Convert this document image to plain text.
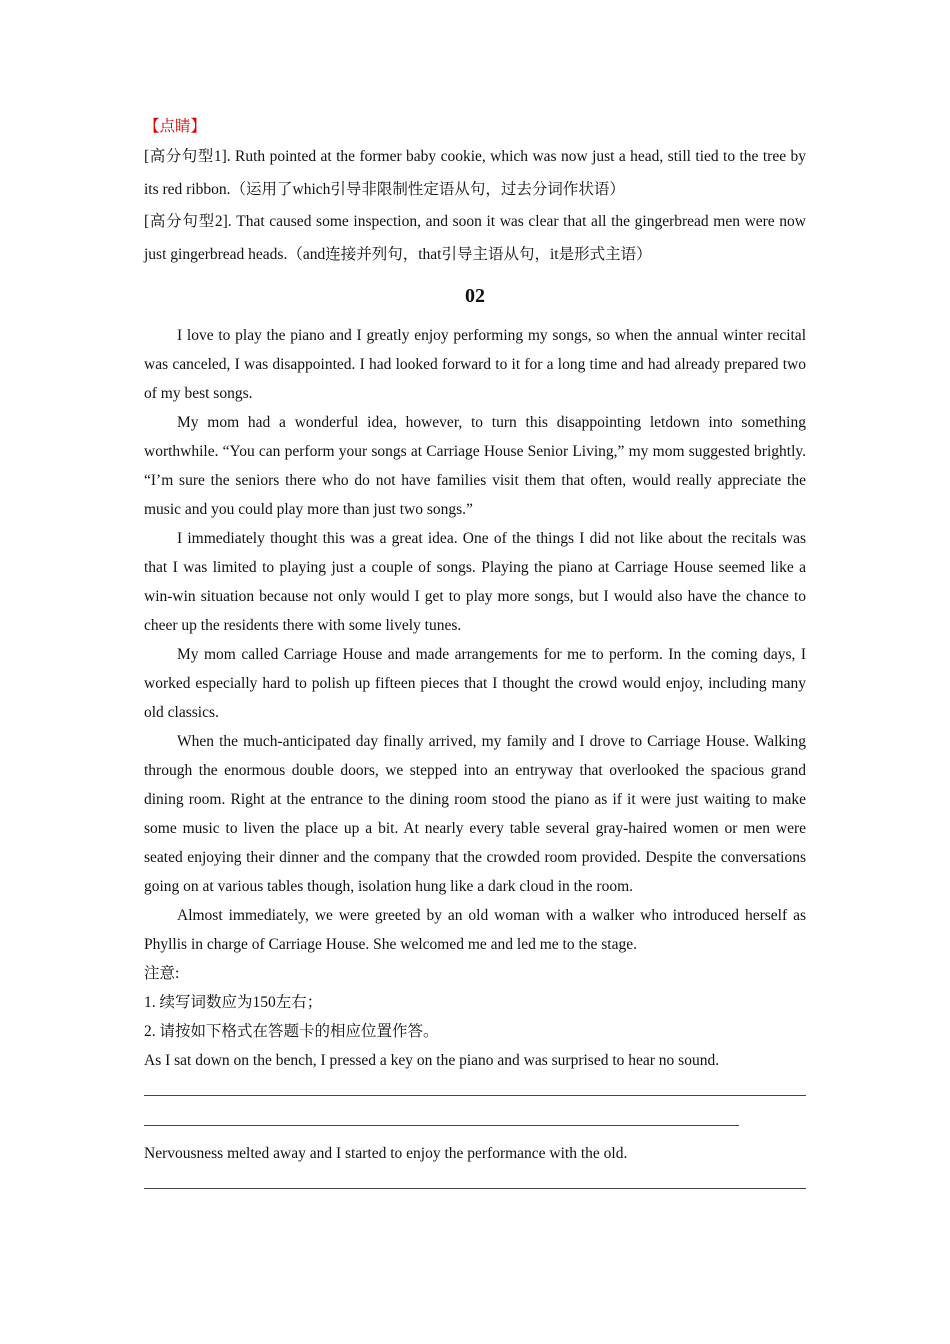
【点睛】

[高分句型1]. Ruth pointed at the former baby cookie, which was now just a head, still tied to the tree by its red ribbon.（运用了which引导非限制性定语从句，过去分词作状语）

[高分句型2]. That caused some inspection, and soon it was clear that all the gingerbread men were now just gingerbread heads.（and连接并列句，that引导主语从句，it是形式主语）

02

I love to play the piano and I greatly enjoy performing my songs, so when the annual winter recital was canceled, I was disappointed. I had looked forward to it for a long time and had already prepared two of my best songs.

My mom had a wonderful idea, however, to turn this disappointing letdown into something worthwhile. “You can perform your songs at Carriage House Senior Living,” my mom suggested brightly. “I’m sure the seniors there who do not have families visit them that often, would really appreciate the music and you could play more than just two songs.”

I immediately thought this was a great idea. One of the things I did not like about the recitals was that I was limited to playing just a couple of songs. Playing the piano at Carriage House seemed like a win-win situation because not only would I get to play more songs, but I would also have the chance to cheer up the residents there with some lively tunes.

My mom called Carriage House and made arrangements for me to perform. In the coming days, I worked especially hard to polish up fifteen pieces that I thought the crowd would enjoy, including many old classics.

When the much-anticipated day finally arrived, my family and I drove to Carriage House. Walking through the enormous double doors, we stepped into an entryway that overlooked the spacious grand dining room. Right at the entrance to the dining room stood the piano as if it were just waiting to make some music to liven the place up a bit. At nearly every table several gray-haired women or men were seated enjoying their dinner and the company that the crowded room provided. Despite the conversations going on at various tables though, isolation hung like a dark cloud in the room.

Almost immediately, we were greeted by an old woman with a walker who introduced herself as Phyllis in charge of Carriage House. She welcomed me and led me to the stage.

注意:

1. 续写词数应为150左右；

2. 请按如下格式在答题卡的相应位置作答。

As I sat down on the bench, I pressed a key on the piano and was surprised to hear no sound.

Nervousness melted away and I started to enjoy the performance with the old.
